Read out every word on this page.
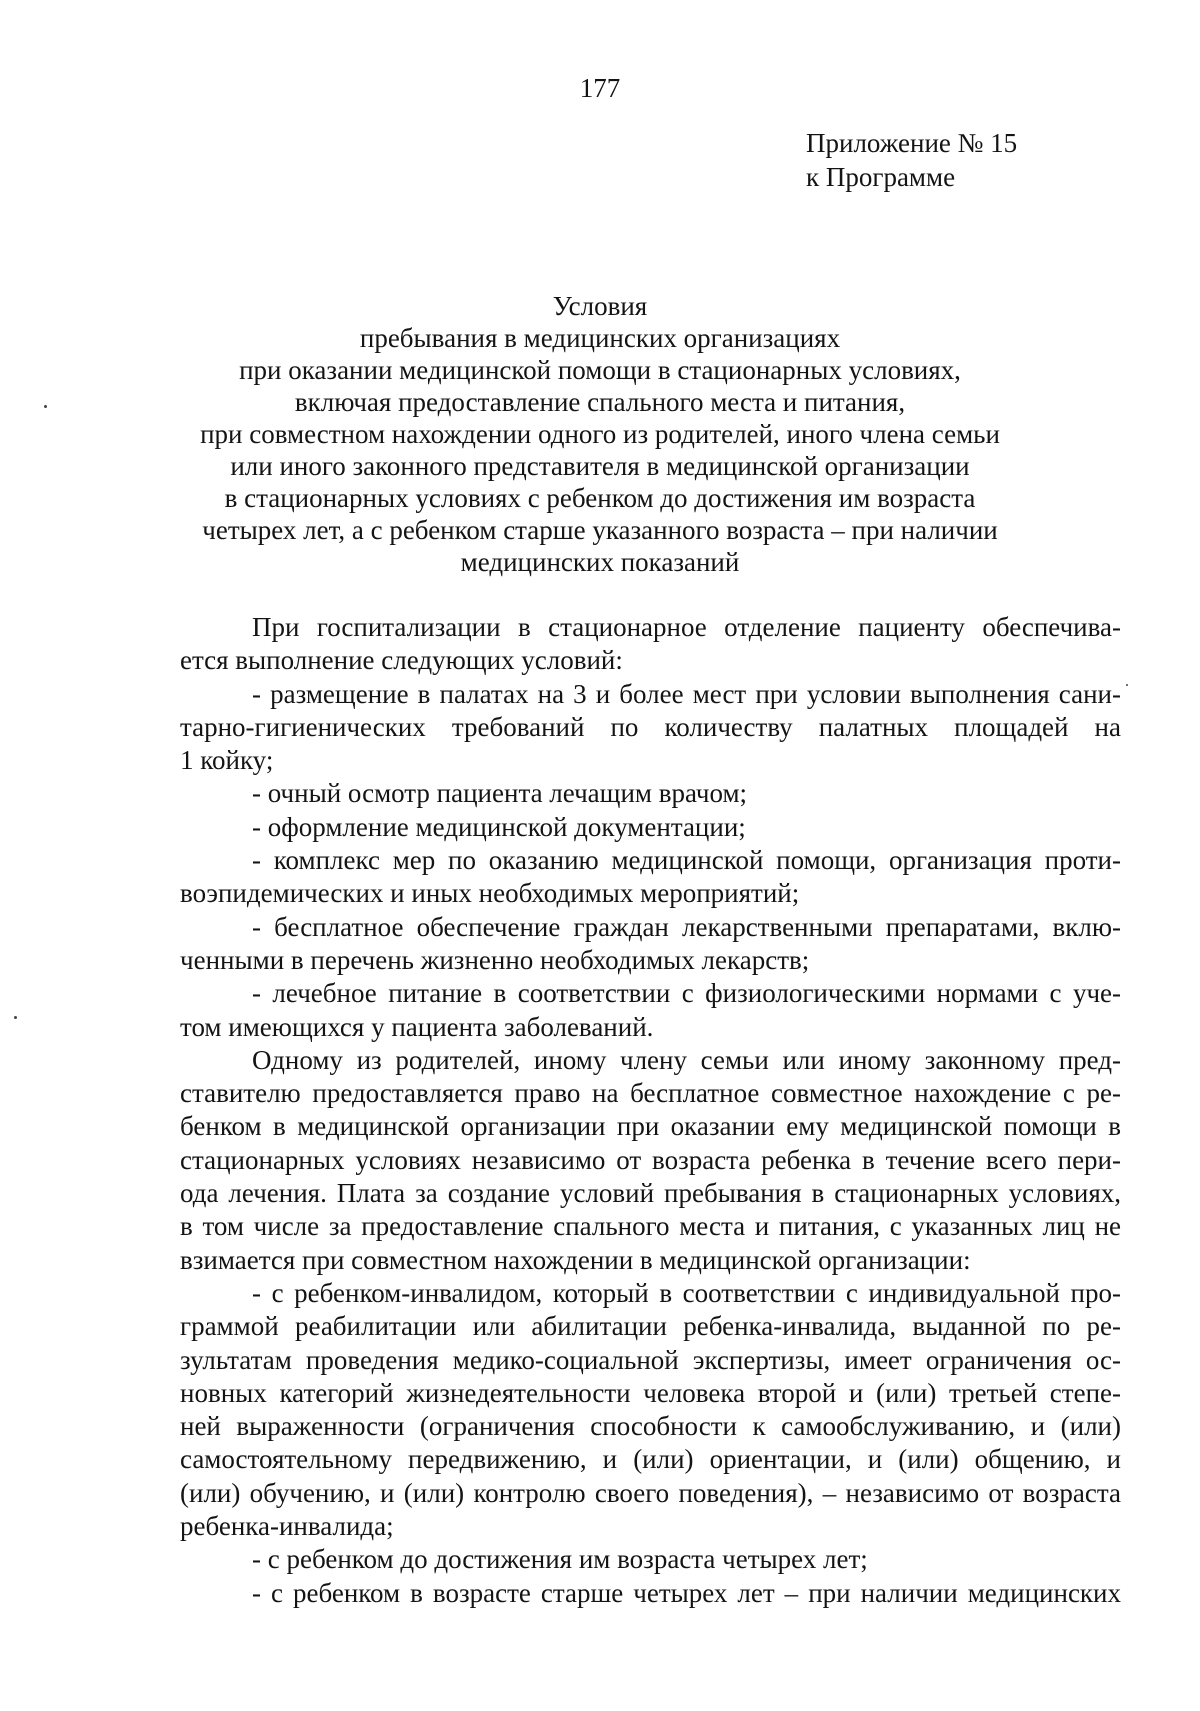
177
Приложение № 15
к Программе
Условия
пребывания в медицинских организациях
при оказании медицинской помощи в стационарных условиях,
включая предоставление спального места и питания,
при совместном нахождении одного из родителей, иного члена семьи
или иного законного представителя в медицинской организации
в стационарных условиях с ребенком до достижения им возраста
четырех лет, а с ребенком старше указанного возраста – при наличии
медицинских показаний
При госпитализации в стационарное отделение пациенту обеспечива-
ется выполнение следующих условий:
- размещение в палатах на 3 и более мест при условии выполнения сани-
тарно-гигиенических требований по количеству палатных площадей на
1 койку;
- очный осмотр пациента лечащим врачом;
- оформление медицинской документации;
- комплекс мер по оказанию медицинской помощи, организация проти-
воэпидемических и иных необходимых мероприятий;
- бесплатное обеспечение граждан лекарственными препаратами, вклю-
ченными в перечень жизненно необходимых лекарств;
- лечебное питание в соответствии с физиологическими нормами с уче-
том имеющихся у пациента заболеваний.
Одному из родителей, иному члену семьи или иному законному пред-
ставителю предоставляется право на бесплатное совместное нахождение с ре-
бенком в медицинской организации при оказании ему медицинской помощи в
стационарных условиях независимо от возраста ребенка в течение всего пери-
ода лечения. Плата за создание условий пребывания в стационарных условиях,
в том числе за предоставление спального места и питания, с указанных лиц не
взимается при совместном нахождении в медицинской организации:
- с ребенком-инвалидом, который в соответствии с индивидуальной про-
граммой реабилитации или абилитации ребенка-инвалида, выданной по ре-
зультатам проведения медико-социальной экспертизы, имеет ограничения ос-
новных категорий жизнедеятельности человека второй и (или) третьей степе-
ней выраженности (ограничения способности к самообслуживанию, и (или)
самостоятельному передвижению, и (или) ориентации, и (или) общению, и
(или) обучению, и (или) контролю своего поведения), – независимо от возраста
ребенка-инвалида;
- с ребенком до достижения им возраста четырех лет;
- с ребенком в возрасте старше четырех лет – при наличии медицинских
